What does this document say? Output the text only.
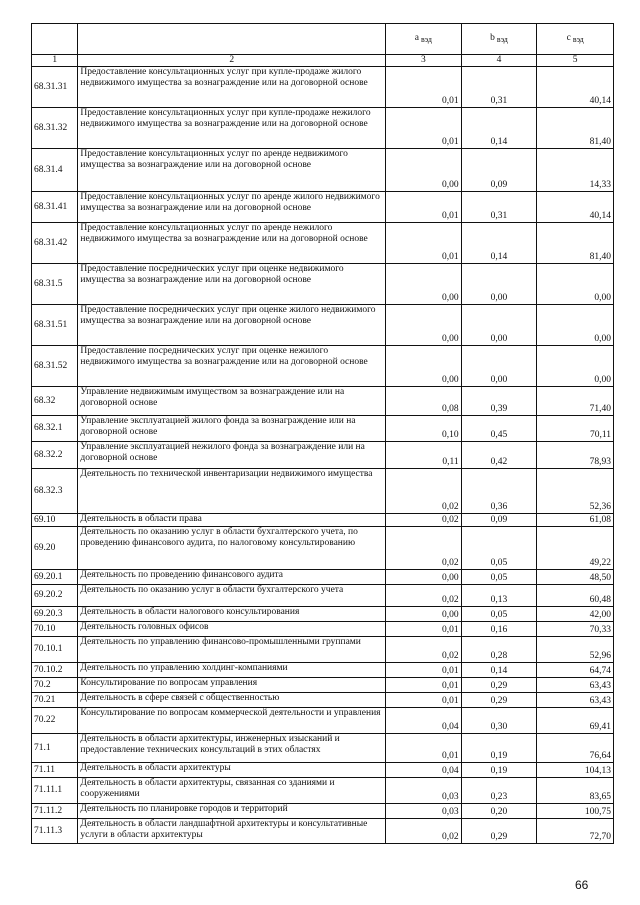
		a $_{вэд}$	b $_{вэд}$	c $_{вэд}$
1	2	3	4	5
68.31.31	Предоставление консультационных услуг при купле-продаже жилого недвижимого имущества за вознаграждение или на договорной основе	0,01	0,31	40,14
68.31.32	Предоставление консультационных услуг при купле-продаже нежилого недвижимого имущества за вознаграждение или на договорной основе	0,01	0,14	81,40
68.31.4	Предоставление консультационных услуг по аренде недвижимого имущества за вознаграждение или на договорной основе	0,00	0,09	14,33
68.31.41	Предоставление консультационных услуг по аренде жилого недвижимого имущества за вознаграждение или на договорной основе	0,01	0,31	40,14
68.31.42	Предоставление консультационных услуг по аренде нежилого недвижимого имущества за вознаграждение или на договорной основе	0,01	0,14	81,40
68.31.5	Предоставление посреднических услуг при оценке недвижимого имущества за вознаграждение или на договорной основе	0,00	0,00	0,00
68.31.51	Предоставление посреднических услуг при оценке жилого недвижимого имущества за вознаграждение или на договорной основе	0,00	0,00	0,00
68.31.52	Предоставление посреднических услуг при оценке нежилого недвижимого имущества за вознаграждение или на договорной основе	0,00	0,00	0,00
68.32	Управление недвижимым имуществом за вознаграждение или на договорной основе	0,08	0,39	71,40
68.32.1	Управление эксплуатацией жилого фонда за вознаграждение или на договорной основе	0,10	0,45	70,11
68.32.2	Управление эксплуатацией нежилого фонда за вознаграждение или на договорной основе	0,11	0,42	78,93
68.32.3	Деятельность по технической инвентаризации недвижимого имущества	0,02	0,36	52,36
69.10	Деятельность в области права	0,02	0,09	61,08
69.20	Деятельность по оказанию услуг в области бухгалтерского учета, по проведению финансового аудита, по налоговому консультированию	0,02	0,05	49,22
69.20.1	Деятельность по проведению финансового аудита	0,00	0,05	48,50
69.20.2	Деятельность по оказанию услуг в области бухгалтерского учета	0,02	0,13	60,48
69.20.3	Деятельность в области налогового консультирования	0,00	0,05	42,00
70.10	Деятельность головных офисов	0,01	0,16	70,33
70.10.1	Деятельность по управлению финансово-промышленными группами	0,02	0,28	52,96
70.10.2	Деятельность по управлению холдинг-компаниями	0,01	0,14	64,74
70.2	Консультирование по вопросам управления	0,01	0,29	63,43
70.21	Деятельность в сфере связей с общественностью	0,01	0,29	63,43
70.22	Консультирование по вопросам коммерческой деятельности и управления	0,04	0,30	69,41
71.1	Деятельность в области архитектуры, инженерных изысканий и предоставление технических консультаций в этих областях	0,01	0,19	76,64
71.11	Деятельность в области архитектуры	0,04	0,19	104,13
71.11.1	Деятельность в области архитектуры, связанная со зданиями и сооружениями	0,03	0,23	83,65
71.11.2	Деятельность по планировке городов и территорий	0,03	0,20	100,75
71.11.3	Деятельность в области ландшафтной архитектуры и консультативные услуги в области архитектуры	0,02	0,29	72,70
66
